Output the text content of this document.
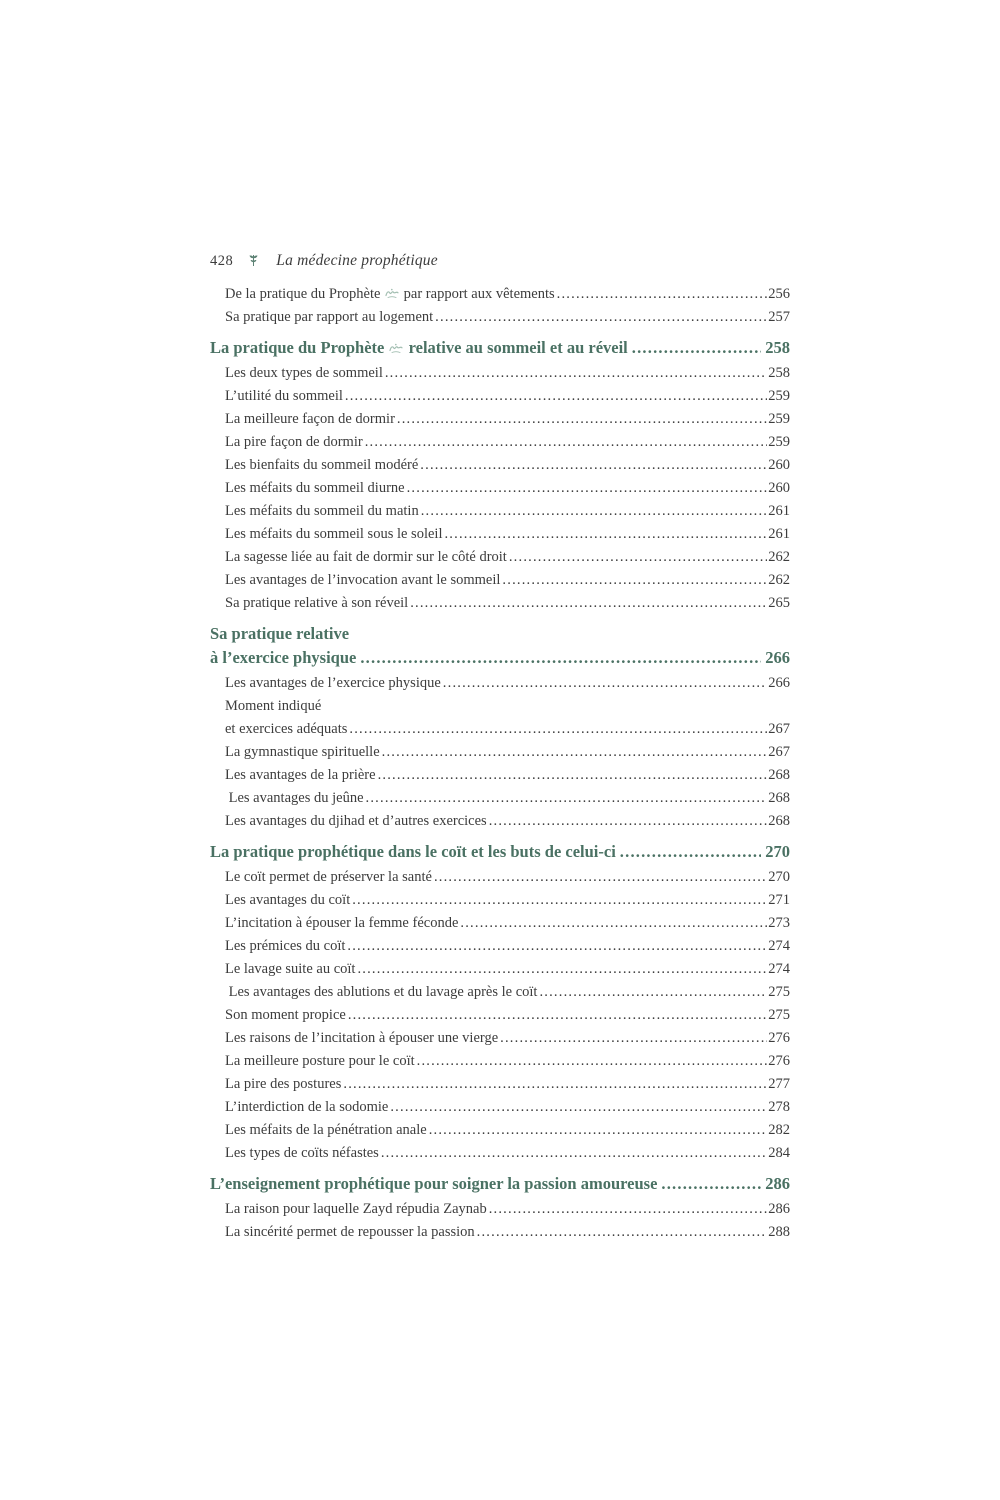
428	La médecine prophétique
De la pratique du Prophète  par rapport aux vêtements .....	256
Sa pratique par rapport au logement .....	257
La pratique du Prophète  relative au sommeil et au réveil .....	258
Les deux types de sommeil .....	258
L’utilité du sommeil .....	259
La meilleure façon de dormir .....	259
La pire façon de dormir .....	259
Les bienfaits du sommeil modéré .....	260
Les méfaits du sommeil diurne .....	260
Les méfaits du sommeil du matin .....	261
Les méfaits du sommeil sous le soleil .....	261
La sagesse liée au fait de dormir sur le côté droit .....	262
Les avantages de l’invocation avant le sommeil .....	262
Sa pratique relative à son réveil .....	265
Sa pratique relative
à l’exercice physique .....	266
Les avantages de l’exercice physique .....	266
Moment indiqué
et exercices adéquats .....	267
La gymnastique spirituelle .....	267
Les avantages de la prière .....	268
Les avantages du jeûne .....	268
Les avantages du djihad et d’autres exercices .....	268
La pratique prophétique dans le coït et les buts de celui-ci .....	270
Le coït permet de préserver la santé .....	270
Les avantages du coït .....	271
L’incitation à épouser la femme féconde .....	273
Les prémices du coït .....	274
Le lavage suite au coït .....	274
Les avantages des ablutions et du lavage après le coït .....	275
Son moment propice .....	275
Les raisons de l’incitation à épouser une vierge .....	276
La meilleure posture pour le coït .....	276
La pire des postures .....	277
L’interdiction de la sodomie .....	278
Les méfaits de la pénétration anale .....	282
Les types de coïts néfastes .....	284
L’enseignement prophétique pour soigner la passion amoureuse .....	286
La raison pour laquelle Zayd répudia Zaynab .....	286
La sincérité permet de repousser la passion .....	288
